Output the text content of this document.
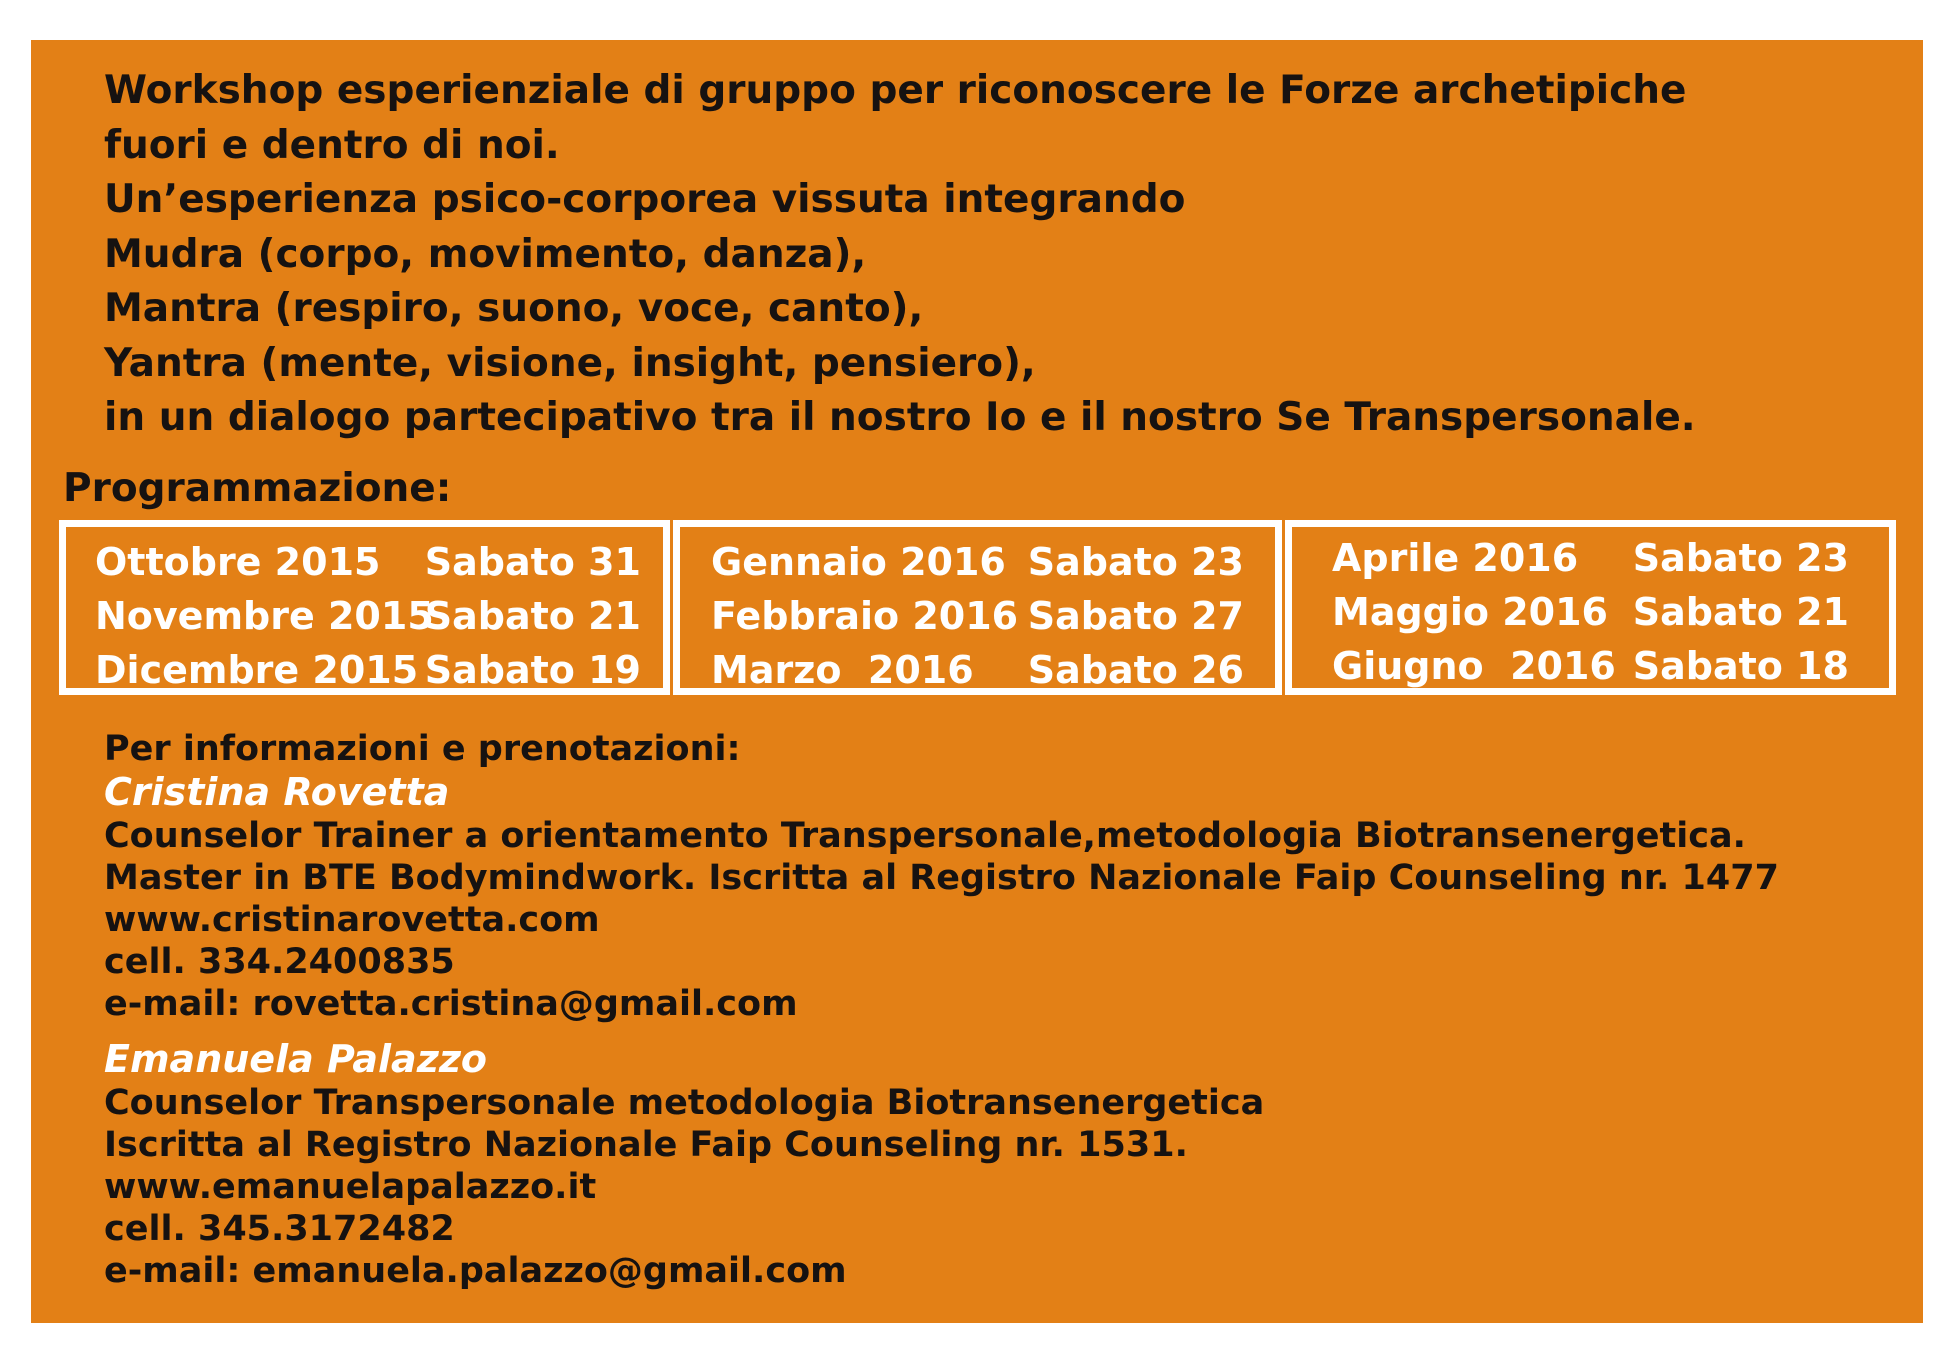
Workshop esperienziale di gruppo per riconoscere le Forze archetipiche
fuori e dentro di noi.
Un’esperienza psico-corporea vissuta integrando
Mudra (corpo, movimento, danza),
Mantra (respiro, suono, voce, canto),
Yantra (mente, visione, insight, pensiero),
in un dialogo partecipativo tra il nostro Io e il nostro Se Transpersonale.
Programmazione:
Ottobre 2015 Sabato 31
Novembre 2015
Sabato 21
Dicembre 2015 Sabato 19
Gennaio 2016 Sabato 23
Febbraio 2016 Sabato 27
Marzo  2016 Sabato 26
Aprile 2016 Sabato 23
Maggio 2016 Sabato 21
Giugno  2016 Sabato 18
Per informazioni e prenotazioni:
Cristina Rovetta
Counselor Trainer a orientamento Transpersonale,metodologia Biotransenergetica.
Master in BTE Bodymindwork. Iscritta al Registro Nazionale Faip Counseling nr. 1477
www.cristinarovetta.com
cell. 334.2400835
e-mail: rovetta.cristina@gmail.com
Emanuela Palazzo
Counselor Transpersonale metodologia Biotransenergetica
Iscritta al Registro Nazionale Faip Counseling nr. 1531.
www.emanuelapalazzo.it
cell. 345.3172482
e-mail: emanuela.palazzo@gmail.com
